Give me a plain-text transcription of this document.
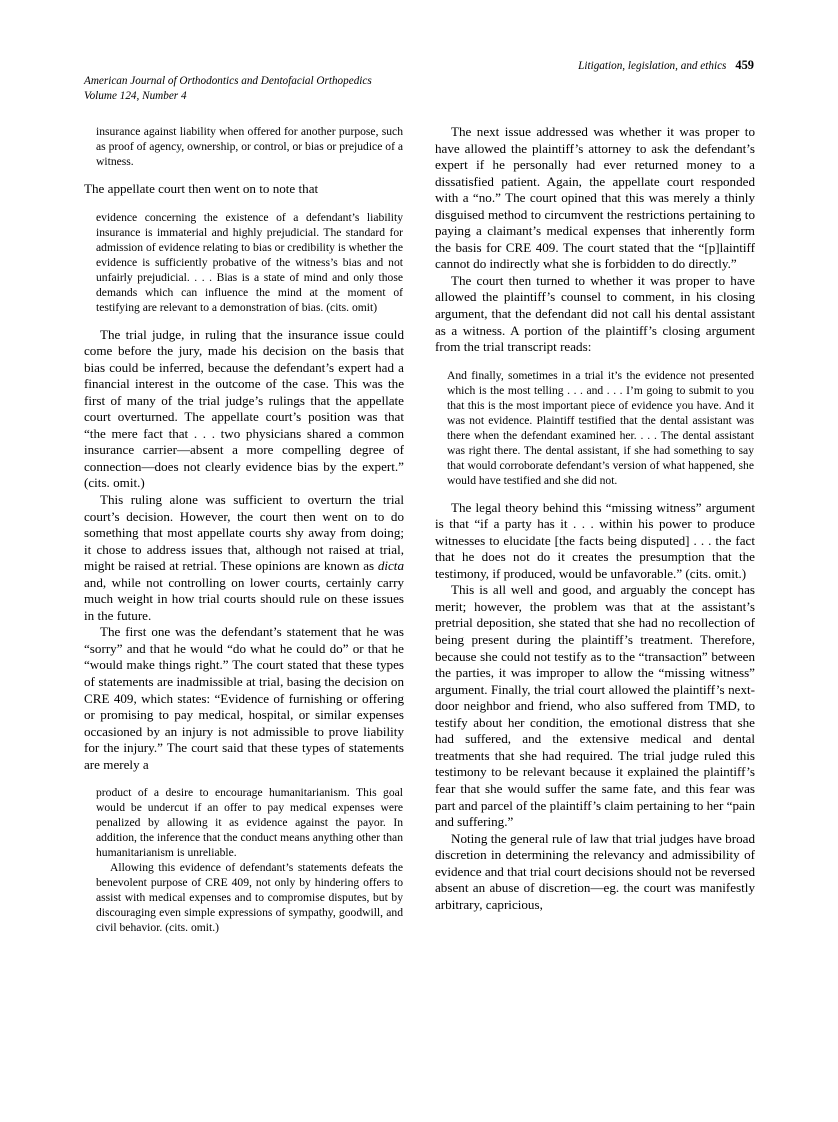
American Journal of Orthodontics and Dentofacial Orthopedics

Volume 124, Number 4

Litigation, legislation, and ethics 459

insurance against liability when offered for another purpose, such as proof of agency, ownership, or control, or bias or prejudice of a witness.

The appellate court then went on to note that

evidence concerning the existence of a defendant’s liability insurance is immaterial and highly prejudicial. The standard for admission of evidence relating to bias or credibility is whether the evidence is sufficiently probative of the witness’s bias and not unfairly prejudicial. . . . Bias is a state of mind and only those demands which can influence the mind at the moment of testifying are relevant to a demonstration of bias. (cits. omit)

The trial judge, in ruling that the insurance issue could come before the jury, made his decision on the basis that bias could be inferred, because the defendant’s expert had a financial interest in the outcome of the case. This was the first of many of the trial judge’s rulings that the appellate court overturned. The appellate court’s position was that “the mere fact that . . . two physicians shared a common insurance carrier—absent a more compelling degree of connection—does not clearly evidence bias by the expert.” (cits. omit.)

This ruling alone was sufficient to overturn the trial court’s decision. However, the court then went on to do something that most appellate courts shy away from doing; it chose to address issues that, although not raised at trial, might be raised at retrial. These opinions are known as dicta and, while not controlling on lower courts, certainly carry much weight in how trial courts should rule on these issues in the future.

The first one was the defendant’s statement that he was “sorry” and that he would “do what he could do” or that he “would make things right.” The court stated that these types of statements are inadmissible at trial, basing the decision on CRE 409, which states: “Evidence of furnishing or offering or promising to pay medical, hospital, or similar expenses occasioned by an injury is not admissible to prove liability for the injury.” The court said that these types of statements are merely a

product of a desire to encourage humanitarianism. This goal would be undercut if an offer to pay medical expenses were penalized by allowing it as evidence against the payor. In addition, the inference that the conduct means anything other than humanitarianism is unreliable.

Allowing this evidence of defendant’s statements defeats the benevolent purpose of CRE 409, not only by hindering offers to assist with medical expenses and to compromise disputes, but by discouraging even simple expressions of sympathy, goodwill, and civil behavior. (cits. omit.)

The next issue addressed was whether it was proper to have allowed the plaintiff’s attorney to ask the defendant’s expert if he personally had ever returned money to a dissatisfied patient. Again, the appellate court responded with a “no.” The court opined that this was merely a thinly disguised method to circumvent the restrictions pertaining to paying a claimant’s medical expenses that inherently form the basis for CRE 409. The court stated that the “[p]laintiff cannot do indirectly what she is forbidden to do directly.”

The court then turned to whether it was proper to have allowed the plaintiff’s counsel to comment, in his closing argument, that the defendant did not call his dental assistant as a witness. A portion of the plaintiff’s closing argument from the trial transcript reads:

And finally, sometimes in a trial it’s the evidence not presented which is the most telling . . . and . . . I’m going to submit to you that this is the most important piece of evidence you have. And it was not evidence. Plaintiff testified that the dental assistant was there when the defendant examined her. . . . The dental assistant was right there. The dental assistant, if she had something to say that would corroborate defendant’s version of what happened, she would have testified and she did not.

The legal theory behind this “missing witness” argument is that “if a party has it . . . within his power to produce witnesses to elucidate [the facts being disputed] . . . the fact that he does not do it creates the presumption that the testimony, if produced, would be unfavorable.” (cits. omit.)

This is all well and good, and arguably the concept has merit; however, the problem was that at the assistant’s pretrial deposition, she stated that she had no recollection of being present during the plaintiff’s treatment. Therefore, because she could not testify as to the “transaction” between the parties, it was improper to allow the “missing witness” argument. Finally, the trial court allowed the plaintiff’s next-door neighbor and friend, who also suffered from TMD, to testify about her condition, the emotional distress that she had suffered, and the extensive medical and dental treatments that she had required. The trial judge ruled this testimony to be relevant because it explained the plaintiff’s fear that she would suffer the same fate, and this fear was part and parcel of the plaintiff’s claim pertaining to her “pain and suffering.”

Noting the general rule of law that trial judges have broad discretion in determining the relevancy and admissibility of evidence and that trial court decisions should not be reversed absent an abuse of discretion—eg. the court was manifestly arbitrary, capricious,
